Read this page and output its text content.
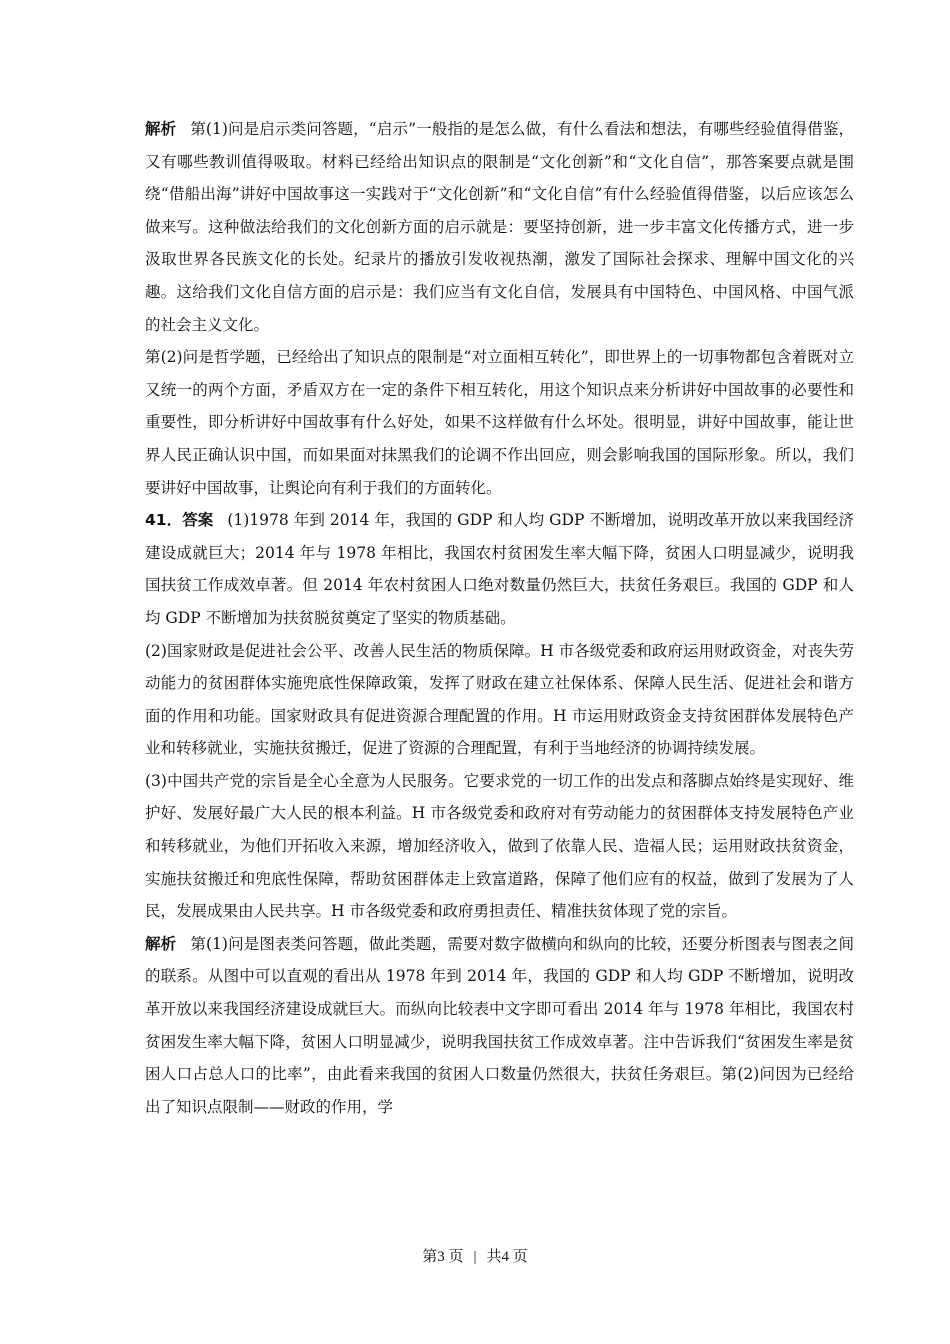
解析 第(1)问是启示类问答题，“启示”一般指的是怎么做，有什么看法和想法，有哪些经验值得借鉴，又有哪些教训值得吸取。材料已经给出知识点的限制是“文化创新”和“文化自信”，那答案要点就是围绕“借船出海”讲好中国故事这一实践对于“文化创新”和“文化自信”有什么经验值得借鉴，以后应该怎么做来写。这种做法给我们的文化创新方面的启示就是：要坚持创新，进一步丰富文化传播方式，进一步汲取世界各民族文化的长处。纪录片的播放引发收视热潮，激发了国际社会探求、理解中国文化的兴趣。这给我们文化自信方面的启示是：我们应当有文化自信，发展具有中国特色、中国风格、中国气派的社会主义文化。

第(2)问是哲学题，已经给出了知识点的限制是“对立面相互转化”，即世界上的一切事物都包含着既对立又统一的两个方面，矛盾双方在一定的条件下相互转化，用这个知识点来分析讲好中国故事的必要性和重要性，即分析讲好中国故事有什么好处，如果不这样做有什么坏处。很明显，讲好中国故事，能让世界人民正确认识中国，而如果面对抹黑我们的论调不作出回应，则会影响我国的国际形象。所以，我们要讲好中国故事，让舆论向有利于我们的方面转化。

41．答案 (1)1978 年到 2014 年，我国的 GDP 和人均 GDP 不断增加，说明改革开放以来我国经济建设成就巨大；2014 年与 1978 年相比，我国农村贫困发生率大幅下降，贫困人口明显减少，说明我国扶贫工作成效卓著。但 2014 年农村贫困人口绝对数量仍然巨大，扶贫任务艰巨。我国的 GDP 和人均 GDP 不断增加为扶贫脱贫奠定了坚实的物质基础。

(2)国家财政是促进社会公平、改善人民生活的物质保障。H 市各级党委和政府运用财政资金，对丧失劳动能力的贫困群体实施兜底性保障政策，发挥了财政在建立社保体系、保障人民生活、促进社会和谐方面的作用和功能。国家财政具有促进资源合理配置的作用。H 市运用财政资金支持贫困群体发展特色产业和转移就业，实施扶贫搬迁，促进了资源的合理配置，有利于当地经济的协调持续发展。

(3)中国共产党的宗旨是全心全意为人民服务。它要求党的一切工作的出发点和落脚点始终是实现好、维护好、发展好最广大人民的根本利益。H 市各级党委和政府对有劳动能力的贫困群体支持发展特色产业和转移就业，为他们开拓收入来源，增加经济收入，做到了依靠人民、造福人民；运用财政扶贫资金，实施扶贫搬迁和兜底性保障，帮助贫困群体走上致富道路，保障了他们应有的权益，做到了发展为了人民，发展成果由人民共享。H 市各级党委和政府勇担责任、精准扶贫体现了党的宗旨。

解析 第(1)问是图表类问答题，做此类题，需要对数字做横向和纵向的比较，还要分析图表与图表之间的联系。从图中可以直观的看出从 1978 年到 2014 年，我国的 GDP 和人均 GDP 不断增加，说明改革开放以来我国经济建设成就巨大。而纵向比较表中文字即可看出 2014 年与 1978 年相比，我国农村贫困发生率大幅下降，贫困人口明显减少，说明我国扶贫工作成效卓著。注中告诉我们“贫困发生率是贫困人口占总人口的比率”，由此看来我国的贫困人口数量仍然很大，扶贫任务艰巨。第(2)问因为已经给出了知识点限制——财政的作用，学

第3 页 | 共4 页
